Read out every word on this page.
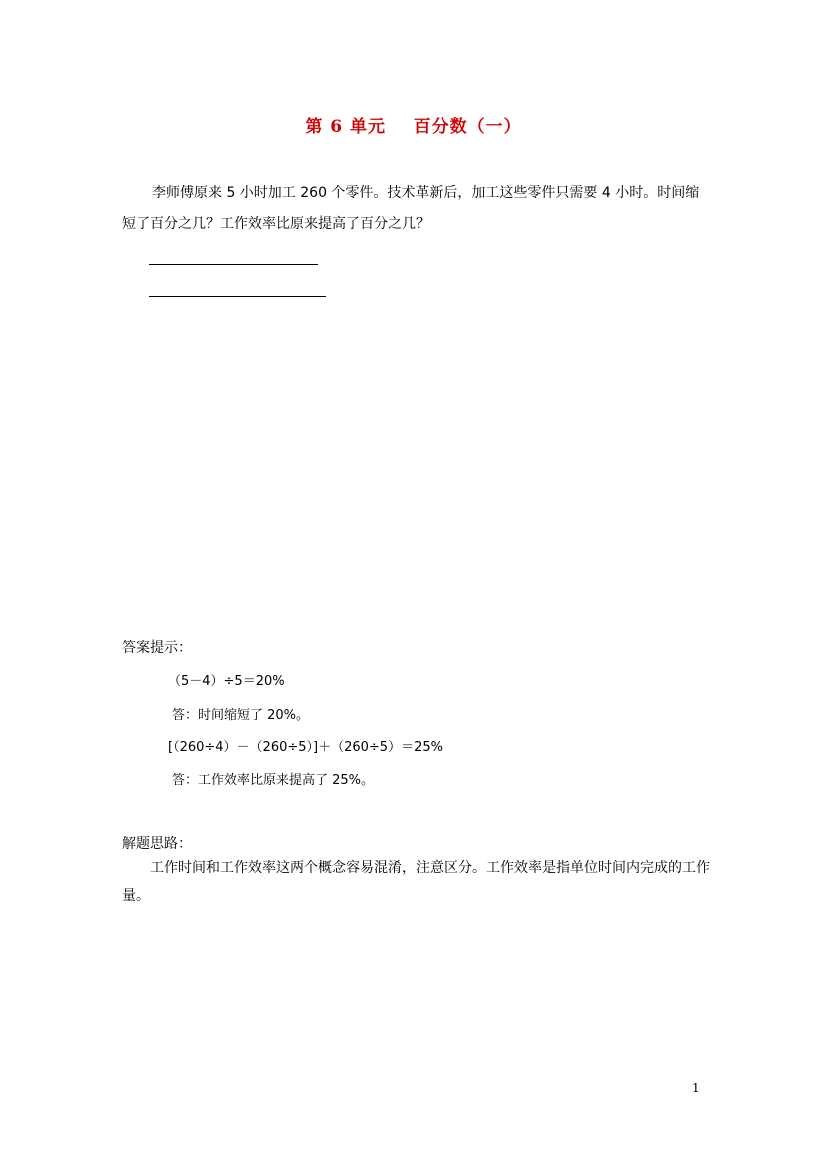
第 6 单元    百分数（一）
李师傅原来 5 小时加工 260 个零件。技术革新后，加工这些零件只需要 4 小时。时间缩短了百分之几？工作效率比原来提高了百分之几？
答案提示：
（5－4）÷5＝20%
答：时间缩短了 20%。
[（260÷4）－（260÷5）]＋（260÷5）＝25%
答：工作效率比原来提高了 25%。
解题思路：
工作时间和工作效率这两个概念容易混淆，注意区分。工作效率是指单位时间内完成的工作量。
1
